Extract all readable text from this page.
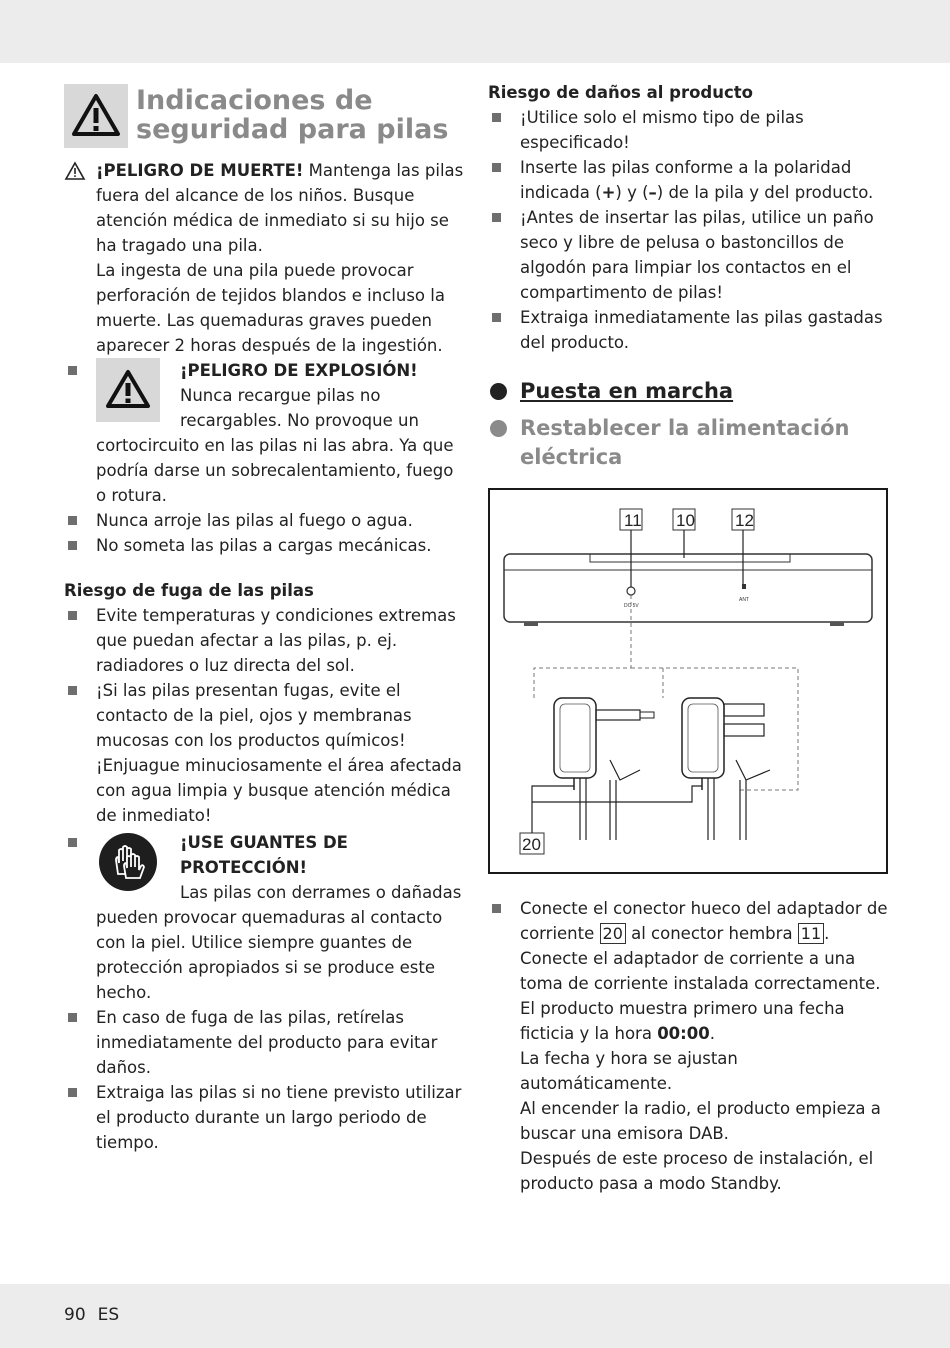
Indicaciones de seguridad para pilas

¡PELIGRO DE MUERTE! Mantenga las pilas fuera del alcance de los niños. Busque atención médica de inmediato si su hijo se ha tragado una pila.

La ingesta de una pila puede provocar perforación de tejidos blandos e incluso la muerte. Las quemaduras graves pueden aparecer 2 horas después de la ingestión.

¡PELIGRO DE EXPLOSIÓN!

Nunca recargue pilas no recargables. No provoque un cortocircuito en las pilas ni las abra. Ya que podría darse un sobrecalentamiento, fuego o rotura.

Nunca arroje las pilas al fuego o agua.

No someta las pilas a cargas mecánicas.

Riesgo de fuga de las pilas

Evite temperaturas y condiciones extremas que puedan afectar a las pilas, p. ej. radiadores o luz directa del sol.

¡Si las pilas presentan fugas, evite el contacto de la piel, ojos y membranas mucosas con los productos químicos! ¡Enjuague minuciosamente el área afectada con agua limpia y busque atención médica de inmediato!

¡USE GUANTES DE PROTECCIÓN!

Las pilas con derrames o dañadas pueden provocar quemaduras al contacto con la piel. Utilice siempre guantes de protección apropiados si se produce este hecho.

En caso de fuga de las pilas, retírelas inmediatamente del producto para evitar daños.

Extraiga las pilas si no tiene previsto utilizar el producto durante un largo periodo de tiempo.

Riesgo de daños al producto

¡Utilice solo el mismo tipo de pilas especificado!

Inserte las pilas conforme a la polaridad indicada (+) y (–) de la pila y del producto.

¡Antes de insertar las pilas, utilice un paño seco y libre de pelusa o bastoncillos de algodón para limpiar los contactos en el compartimento de pilas!

Extraiga inmediatamente las pilas gastadas del producto.

Puesta en marcha
Restablecer la alimentación eléctrica
DC 5V
ANT
11 10 12
20

Conecte el conector hueco del adaptador de corriente 20 al conector hembra 11 .

Conecte el adaptador de corriente a una toma de corriente instalada correctamente.

El producto muestra primero una fecha ficticia y la hora 00:00.

La fecha y hora se ajustan automáticamente.

Al encender la radio, el producto empieza a buscar una emisora DAB.

Después de este proceso de instalación, el producto pasa a modo Standby.

90 ES
